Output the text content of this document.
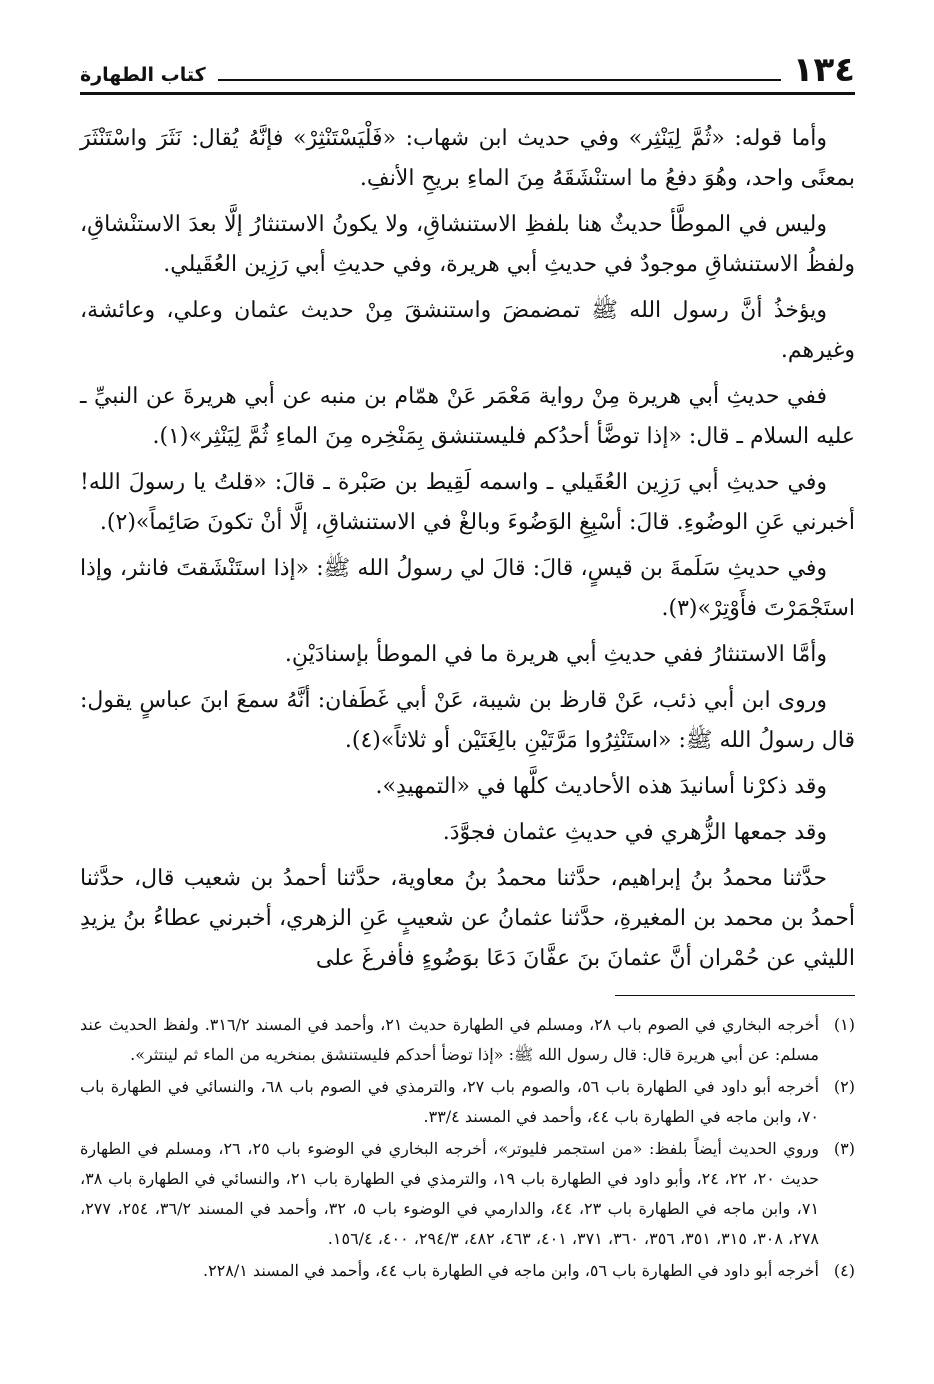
١٣٤
كتاب الطهارة

وأما قوله: «ثُمَّ لِيَنْثِر» وفي حديث ابن شهاب: «فَلْيَسْتَنْثِرْ» فإنَّهُ يُقال: نَثَرَ واسْتَنْثَرَ بمعنًى واحد، وهُوَ دفعُ ما استنْشَقَهُ مِنَ الماءِ بريحِ الأنفِ.

وليس في الموطَّأ حديثٌ هنا بلفظِ الاستنشاقِ، ولا يكونُ الاستنثارُ إلَّا بعدَ الاستنْشاقِ، ولفظُ الاستنشاقِ موجودٌ في حديثِ أبي هريرة، وفي حديثِ أبي رَزِين العُقَيلي.

ويؤخذُ أنَّ رسول الله ﷺ تمضمضَ واستنشقَ مِنْ حديث عثمان وعلي، وعائشة، وغيرهم.

ففي حديثِ أبي هريرة مِنْ رواية مَعْمَر عَنْ همّام بن منبه عن أبي هريرةَ عن النبيِّ ـ عليه السلام ـ قال: «إذا توضَّأ أحدُكم فليستنشق بِمَنْخِره مِنَ الماءِ ثُمَّ لِيَنْثِر»(١).

وفي حديثِ أبي رَزِين العُقَيلي ـ واسمه لَقِيط بن صَبْرة ـ قالَ: «قلتُ يا رسولَ الله! أخبرني عَنِ الوضُوءِ. قالَ: أسْبِغِ الوَضُوءَ وبالغْ في الاستنشاقِ، إلَّا أنْ تكونَ صَائِماً»(٢).

وفي حديثِ سَلَمةَ بن قيسٍ، قالَ: قالَ لي رسولُ الله ﷺ: «إذا استَنْشَقتَ فانثر، وإذا استَجْمَرْتَ فأَوْتِرْ»(٣).

وأمَّا الاستنثارُ ففي حديثِ أبي هريرة ما في الموطأ بإسنادَيْنِ.

وروى ابن أبي ذئب، عَنْ قارظ بن شيبة، عَنْ أبي غَطَفان: أنَّهُ سمعَ ابنَ عباسٍ يقول: قال رسولُ الله ﷺ: «استَنْثِرُوا مَرَّتَيْنِ بالِغَتَيْن أو ثلاثاً»(٤).

وقد ذكرْنا أسانيدَ هذه الأحاديث كلَّها في «التمهيدِ».

وقد جمعها الزُّهري في حديثِ عثمان فجوَّدَ.

حدَّثنا محمدُ بنُ إبراهيم، حدَّثنا محمدُ بنُ معاوية، حدَّثنا أحمدُ بن شعيب قال، حدَّثنا أحمدُ بن محمد بن المغيرةِ، حدَّثنا عثمانُ عن شعيبٍ عَنِ الزهري، أخبرني عطاءُ بنُ يزيدِ الليثي عن حُمْران أنَّ عثمانَ بنَ عفَّانَ دَعَا بوَضُوءٍ فأفرغَ على

(١)
أخرجه البخاري في الصوم باب ٢٨، ومسلم في الطهارة حديث ٢١، وأحمد في المسند ٣١٦/٢. ولفظ الحديث عند مسلم: عن أبي هريرة قال: قال رسول الله ﷺ: «إذا توضأ أحدكم فليستنشق بمنخريه من الماء ثم لينتثر».
(٢)
أخرجه أبو داود في الطهارة باب ٥٦، والصوم باب ٢٧، والترمذي في الصوم باب ٦٨، والنسائي في الطهارة باب ٧٠، وابن ماجه في الطهارة باب ٤٤، وأحمد في المسند ٣٣/٤.
(٣)
وروي الحديث أيضاً بلفظ: «من استجمر فليوتر»، أخرجه البخاري في الوضوء باب ٢٥، ٢٦، ومسلم في الطهارة حديث ٢٠، ٢٢، ٢٤، وأبو داود في الطهارة باب ١٩، والترمذي في الطهارة باب ٢١، والنسائي في الطهارة باب ٣٨، ٧١، وابن ماجه في الطهارة باب ٢٣، ٤٤، والدارمي في الوضوء باب ٥، ٣٢، وأحمد في المسند ٣٦/٢، ٢٥٤، ٢٧٧، ٢٧٨، ٣٠٨، ٣١٥، ٣٥١، ٣٥٦، ٣٦٠، ٣٧١، ٤٠١، ٤٦٣، ٤٨٢، ٢٩٤/٣، ٤٠٠، ١٥٦/٤.
(٤)
أخرجه أبو داود في الطهارة باب ٥٦، وابن ماجه في الطهارة باب ٤٤، وأحمد في المسند ٢٢٨/١.
